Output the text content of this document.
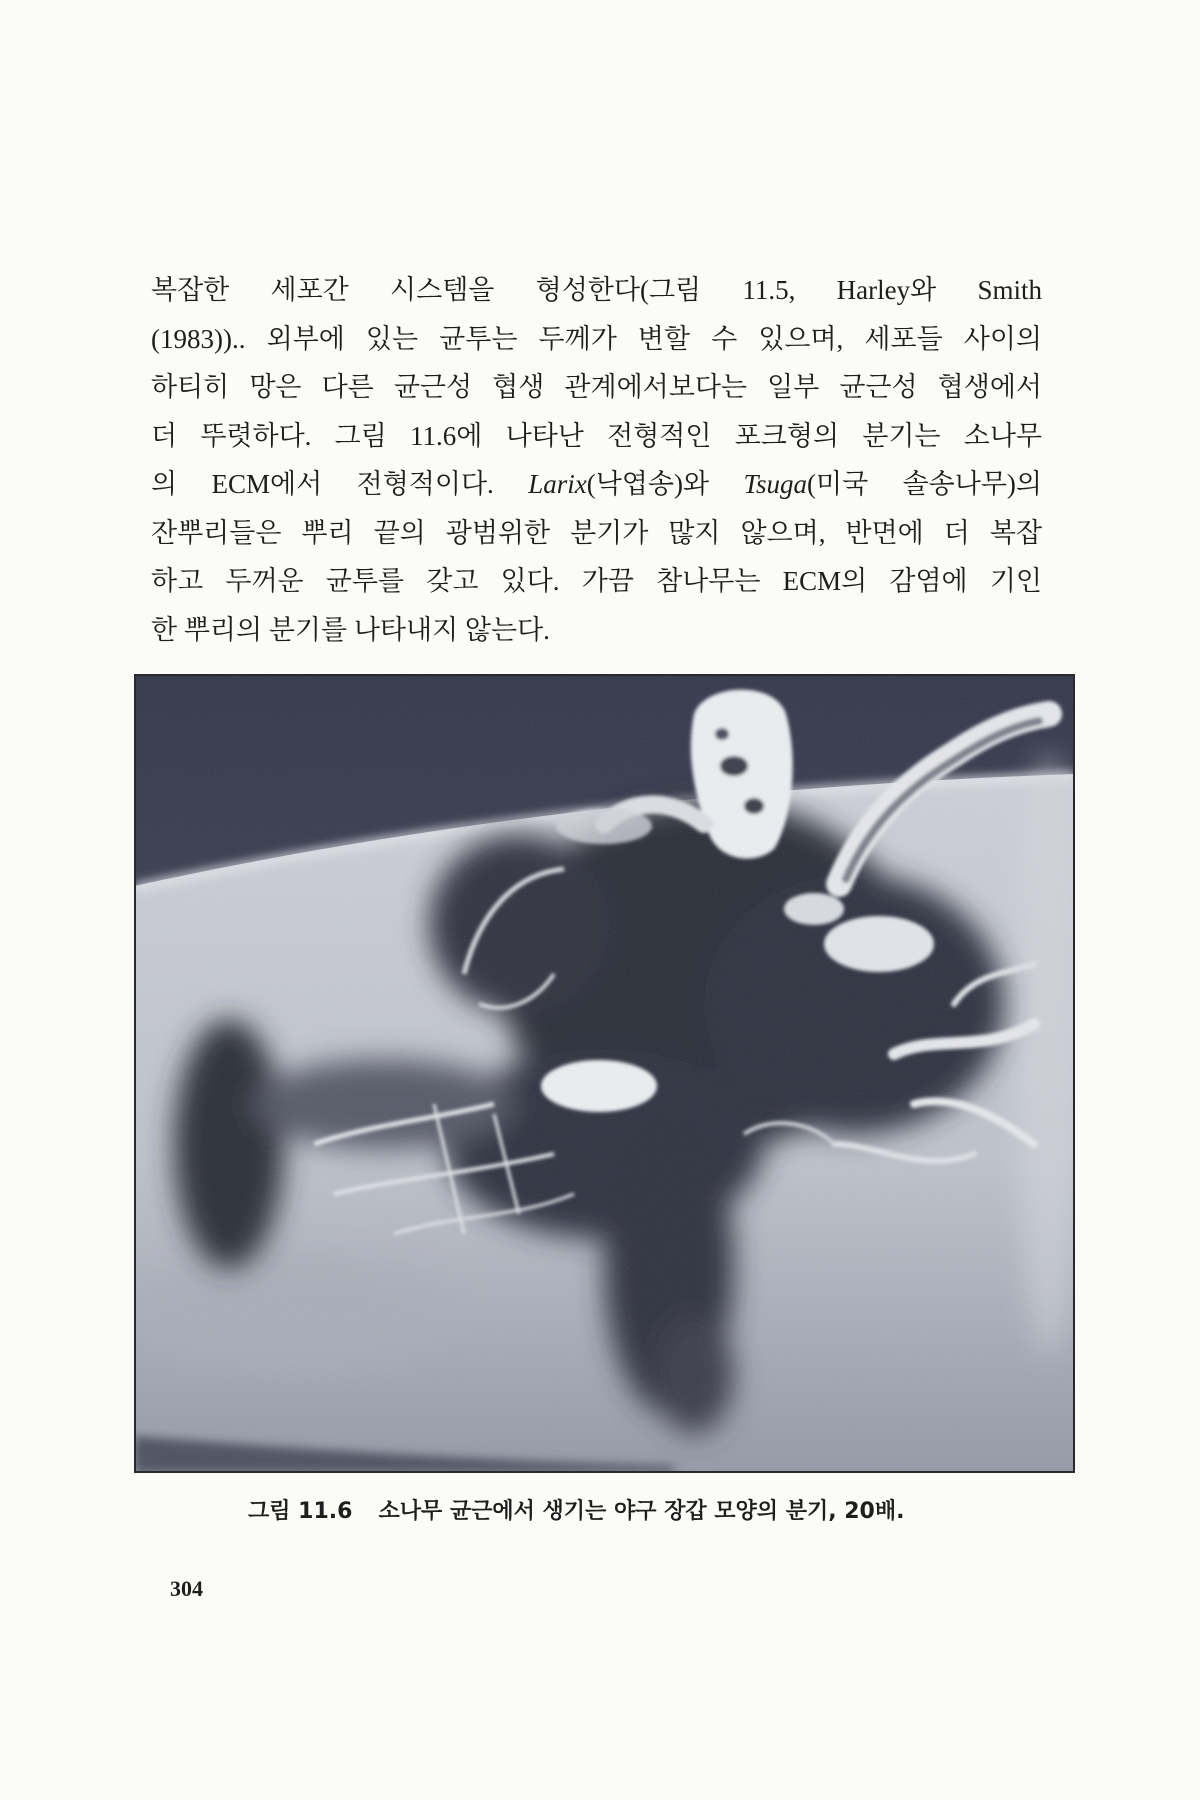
복잡한 세포간 시스템을 형성한다(그림 11.5, Harley와 Smith
(1983)).. 외부에 있는 균투는 두께가 변할 수 있으며, 세포들 사이의
하티히 망은 다른 균근성 협생 관계에서보다는 일부 균근성 협생에서
더 뚜렷하다. 그림 11.6에 나타난 전형적인 포크형의 분기는 소나무
의 ECM에서 전형적이다. Larix(낙엽송)와 Tsuga(미국 솔송나무)의
잔뿌리들은 뿌리 끝의 광범위한 분기가 많지 않으며, 반면에 더 복잡
하고 두꺼운 균투를 갖고 있다. 가끔 참나무는 ECM의 감염에 기인
한 뿌리의 분기를 나타내지 않는다.
그림 11.6 소나무 균근에서 생기는 야구 장갑 모양의 분기, 20배.
304
